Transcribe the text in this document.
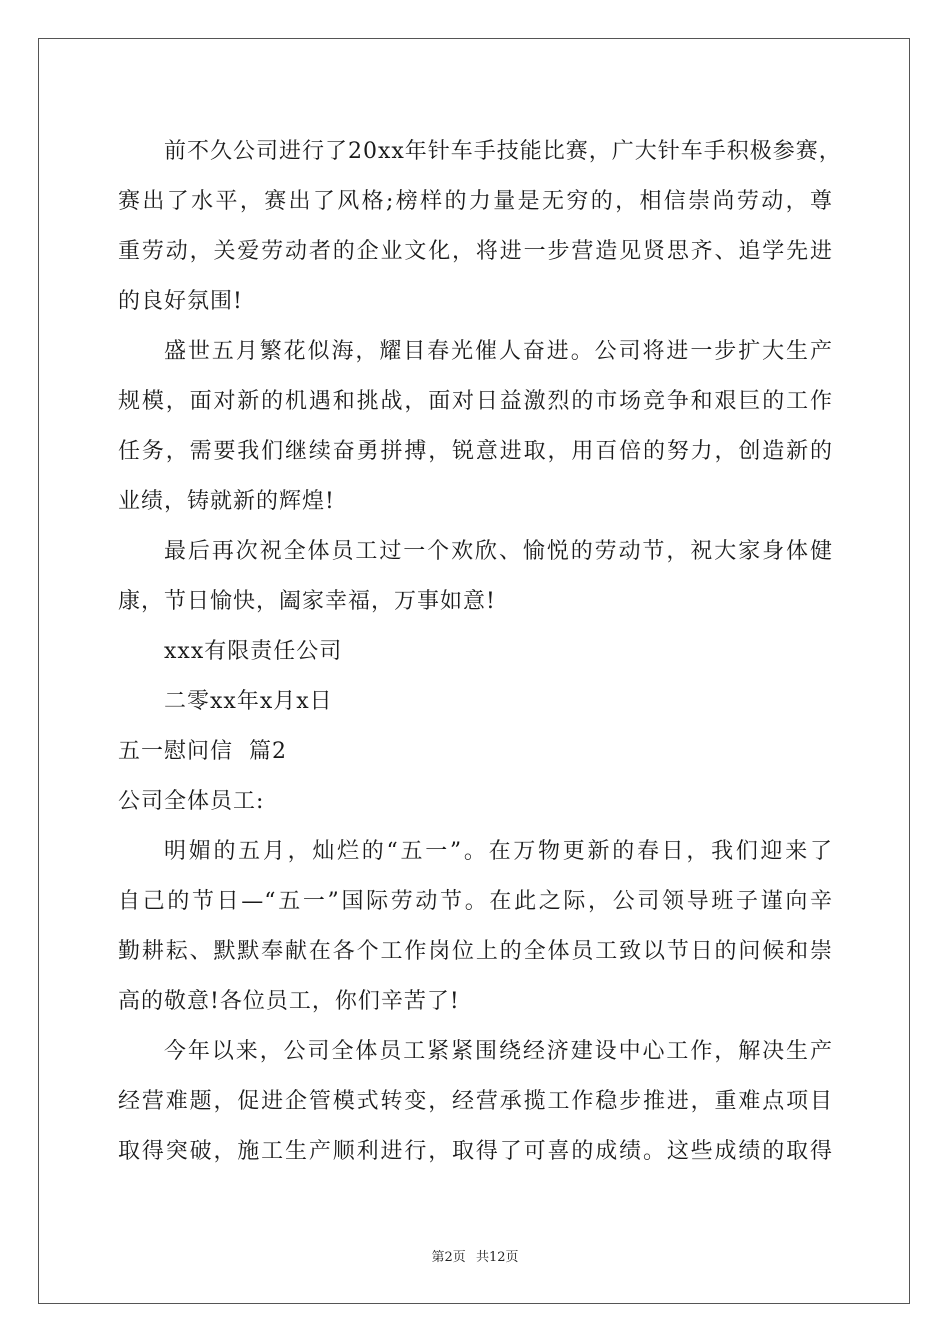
前不久公司进行了20xx年针车手技能比赛，广大针车手积极参赛，
赛出了水平，赛出了风格;榜样的力量是无穷的，相信崇尚劳动，尊
重劳动，关爱劳动者的企业文化，将进一步营造见贤思齐、追学先进
的良好氛围!
盛世五月繁花似海，耀目春光催人奋进。公司将进一步扩大生产
规模，面对新的机遇和挑战，面对日益激烈的市场竞争和艰巨的工作
任务，需要我们继续奋勇拼搏，锐意进取，用百倍的努力，创造新的
业绩，铸就新的辉煌!
最后再次祝全体员工过一个欢欣、愉悦的劳动节，祝大家身体健
康，节日愉快，阖家幸福，万事如意!
xxx有限责任公司
二零xx年x月x日
五一慰问信  篇2
公司全体员工:
明媚的五月，灿烂的“五一”。在万物更新的春日，我们迎来了
自己的节日—“五一”国际劳动节。在此之际，公司领导班子谨向辛
勤耕耘、默默奉献在各个工作岗位上的全体员工致以节日的问候和崇
高的敬意!各位员工，你们辛苦了!
今年以来，公司全体员工紧紧围绕经济建设中心工作，解决生产
经营难题，促进企管模式转变，经营承揽工作稳步推进，重难点项目
取得突破，施工生产顺利进行，取得了可喜的成绩。这些成绩的取得
第2页 共12页
